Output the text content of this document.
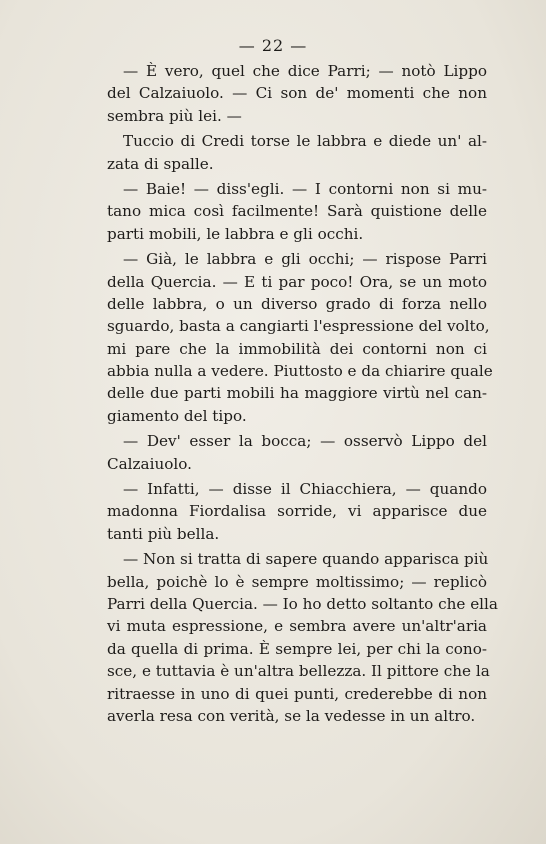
— 22 —
— È vero, quel che dice Parri; — notò Lippo
del Calzaiuolo. — Ci son de' momenti che non
sembra più lei. —
Tuccio di Credi torse le labbra e diede un' al-
zata di spalle.
— Baie! — diss'egli. — I contorni non si mu-
tano mica così facilmente! Sarà quistione delle
parti mobili, le labbra e gli occhi.
— Già, le labbra e gli occhi; — rispose Parri
della Quercia. — E ti par poco! Ora, se un moto
delle labbra, o un diverso grado di forza nello
sguardo, basta a cangiarti l'espressione del volto,
mi pare che la immobilità dei contorni non ci
abbia nulla a vedere. Piuttosto e da chiarire quale
delle due parti mobili ha maggiore virtù nel can-
giamento del tipo.
— Dev' esser la bocca; — osservò Lippo del
Calzaiuolo.
— Infatti, — disse il Chiacchiera, — quando
madonna Fiordalisa sorride, vi apparisce due
tanti più bella.
— Non si tratta di sapere quando apparisca più
bella, poichè lo è sempre moltissimo; — replicò
Parri della Quercia. — Io ho detto soltanto che ella
vi muta espressione, e sembra avere un'altr'aria
da quella di prima. È sempre lei, per chi la cono-
sce, e tuttavia è un'altra bellezza. Il pittore che la
ritraesse in uno di quei punti, crederebbe di non
averla resa con verità, se la vedesse in un altro.
